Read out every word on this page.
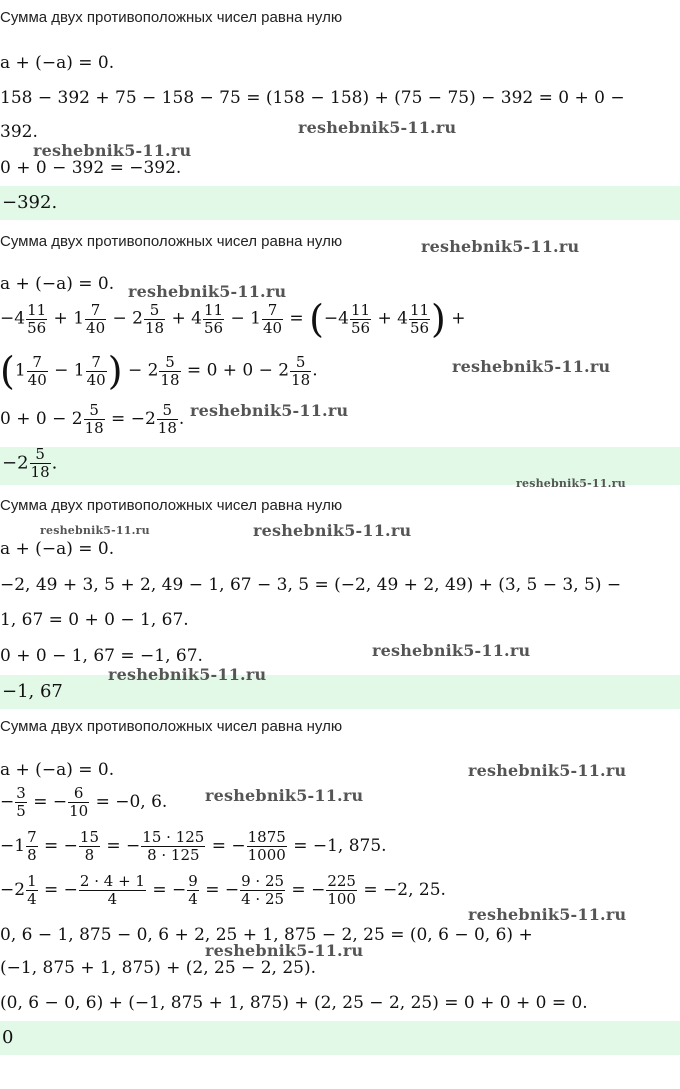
Сумма двух противоположных чисел равна нулю
a + (−a) = 0.
158 − 392 + 75 − 158 − 75 = (158 − 158) + (75 − 75) − 392 = 0 + 0 −
392.
0 + 0 − 392 = −392.
−392.
Сумма двух противоположных чисел равна нулю
a + (−a) = 0.
$-4 \frac{11}{56} + 1 \frac{7}{40} - 2 \frac{5}{18} + 4 \frac{11}{56} - 1 \frac{7}{40} = (-4 \frac{11}{56} + 4 \frac{11}{56}$ ) +
($1 \frac{7}{40} - 1 \frac{7}{40}$ ) − $2 \frac{5}{18} = 0 + 0 - 2 \frac{5}{18}$ .
$0 + 0 - 2 \frac{5}{18} = -2 \frac{5}{18}$ .
$-2 \frac{5}{18}$ .
Сумма двух противоположных чисел равна нулю
a + (−a) = 0.
−2, 49 + 3, 5 + 2, 49 − 1, 67 − 3, 5 = (−2, 49 + 2, 49) + (3, 5 − 3, 5) −
1, 67 = 0 + 0 − 1, 67.
0 + 0 − 1, 67 = −1, 67.
−1, 67
Сумма двух противоположных чисел равна нулю
a + (−a) = 0.
− $\frac{3}{5}$ = − $\frac{6}{10} = -0$, 6.
$-1 \frac{7}{8}$ = − $\frac{15}{8}$ = − $\frac{15 \cdot 125}{8 \cdot 125}$ = − $\frac{1875}{1000} = -1$, 875.
$-2 \frac{1}{4}$ = − $\frac{2 \cdot 4 + 1}{4}$ = − $\frac{9}{4}$ = − $\frac{9 \cdot 25}{4 \cdot 25}$ = − $\frac{225}{100} = -2$, 25.
0, 6 − 1, 875 − 0, 6 + 2, 25 + 1, 875 − 2, 25 = (0, 6 − 0, 6) +
(−1, 875 + 1, 875) + (2, 25 − 2, 25).
(0, 6 − 0, 6) + (−1, 875 + 1, 875) + (2, 25 − 2, 25) = 0 + 0 + 0 = 0.
0
reshebnik5-11.ru
reshebnik5-11.ru
reshebnik5-11.ru
reshebnik5-11.ru
reshebnik5-11.ru
reshebnik5-11.ru
reshebnik5-11.ru
reshebnik5-11.ru	reshebnik5-11.ru
reshebnik5-11.ru
reshebnik5-11.ru
reshebnik5-11.ru
reshebnik5-11.ru
reshebnik5-11.ru
reshebnik5-11.ru
